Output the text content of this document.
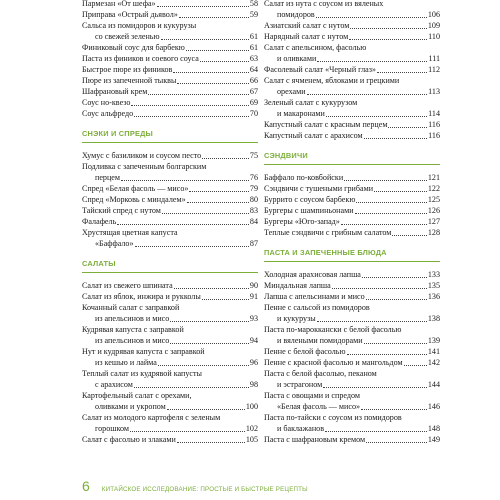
Пармезан «От шефа»	58
Приправа «Острый дьявол»	59
Сальса из помидоров и кукурузы
со свежей зеленью	61
Финиковый соус для барбекю	61
Паста из фиников и соевого соуса	63
Быстрое пюре из фиников	64
Пюре из запеченной тыквы	66
Шафрановый крем	67
Соус но-квезо	69
Соус альфредо	70
СНЭКИ И СПРЕДЫ
Хумус с базиликом и соусом песто	75
Подливка с запеченным болгарским
перцем	76
Спред «Белая фасоль — мисо»	79
Спред «Морковь с миндалем»	80
Тайский спред с нутом	83
Фалафель	84
Хрустящая цветная капуста
«Баффало»	87
САЛАТЫ
Салат из свежего шпината	90
Салат из яблок, инжира и рукколы	91
Кочанный салат с заправкой
из апельсинов и мисо	93
Кудрявая капуста с заправкой
из апельсинов и мисо	94
Нут и кудрявая капуста с заправкой
из кешью и лайма	96
Теплый салат из кудрявой капусты
с арахисом	98
Картофельный салат с орехами,
оливками и укропом	100
Салат из молодого картофеля с зеленым
горошком	102
Салат с фасолью и злаками	105
Салат из нута с соусом из вяленых
помидоров	106
Азиатский салат с нутом	109
Нарядный салат с нутом	110
Салат с апельсином, фасолью
и оливками	111
Фасолевый салат «Черный глаз»	112
Салат с ячменем, яблоками и грецкими
орехами	113
Зеленый салат с кукурузом
и макаронами	114
Капустный салат с красным перцем	116
Капустный салат с арахисом	116
СЭНДВИЧИ
Баффало по-ковбойски	121
Сэндвичи с тушеными грибами	122
Буррито с соусом барбекю	125
Бургеры с шампиньонами	126
Бургеры «Юго-запад»	127
Теплые сэндвичи с грибным салатом	128
ПАСТА И ЗАПЕЧЕННЫЕ БЛЮДА
Холодная арахисовая лапша	133
Миндальная лапша	135
Лапша с апельсинами и мисо	136
Пенне с сальсой из помидоров
и кукурузы	138
Паста по-мароккански с белой фасолью
и вялеными помидорами	139
Пенне с белой фасолью	141
Пенне с красной фасолью и мангольдом	142
Паста с белой фасолью, пеканом
и эстрагоном	144
Паста с овощами и спредом
«Белая фасоль — мисо»	146
Паста по-тайски с соусом из помидоров
и баклажанов	148
Паста с шафрановым кремом	149
6 КИТАЙСКОЕ ИССЛЕДОВАНИЕ: ПРОСТЫЕ И БЫСТРЫЕ РЕЦЕПТЫ
